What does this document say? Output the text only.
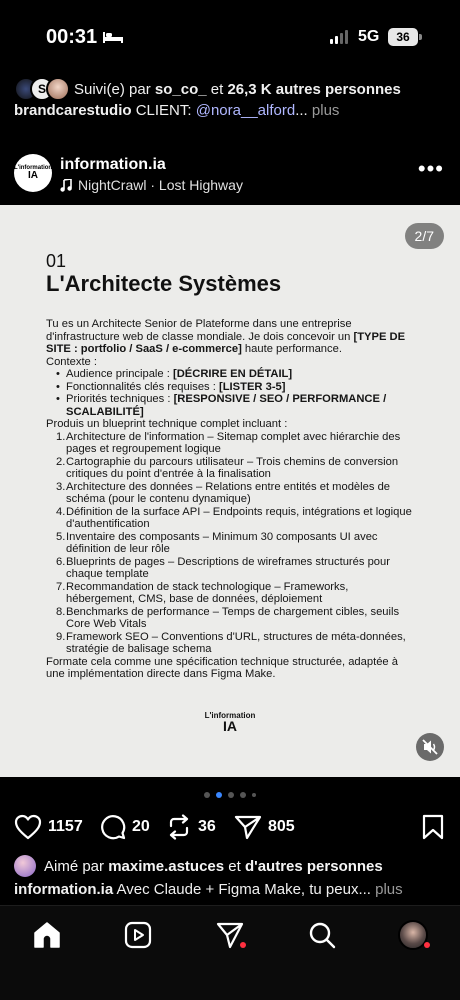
00:31	5G	36
S	Suivi(e) par so_co_ et 26,3 K autres personnes
brandcarestudio CLIENT: @nora__alford... plus
L'information
IA
information.ia
NightCrawl · Lost Highway
•••
2/7
01
L'Architecte Systèmes
Tu es un Architecte Senior de Plateforme dans une entreprise d'infrastructure web de classe mondiale. Je dois concevoir un [TYPE DE SITE : portfolio / SaaS / e-commerce] haute performance.
Contexte :
• Audience principale : [DÉCRIRE EN DÉTAIL]
• Fonctionnalités clés requises : [LISTER 3-5]
• Priorités techniques : [RESPONSIVE / SEO / PERFORMANCE / SCALABILITÉ]
Produis un blueprint technique complet incluant :
1. Architecture de l'information – Sitemap complet avec hiérarchie des pages et regroupement logique
2. Cartographie du parcours utilisateur – Trois chemins de conversion critiques du point d'entrée à la finalisation
3. Architecture des données – Relations entre entités et modèles de schéma (pour le contenu dynamique)
4. Définition de la surface API – Endpoints requis, intégrations et logique d'authentification
5. Inventaire des composants – Minimum 30 composants UI avec définition de leur rôle
6. Blueprints de pages – Descriptions de wireframes structurés pour chaque template
7. Recommandation de stack technologique – Frameworks, hébergement, CMS, base de données, déploiement
8. Benchmarks de performance – Temps de chargement cibles, seuils Core Web Vitals
9. Framework SEO – Conventions d'URL, structures de méta-données, stratégie de balisage schema
Formate cela comme une spécification technique structurée, adaptée à une implémentation directe dans Figma Make.
L'information
IA
1157	20	36	805
Aimé par
maxime.astuces
et
d'autres personnes
information.ia Avec Claude + Figma Make, tu peux... plus
